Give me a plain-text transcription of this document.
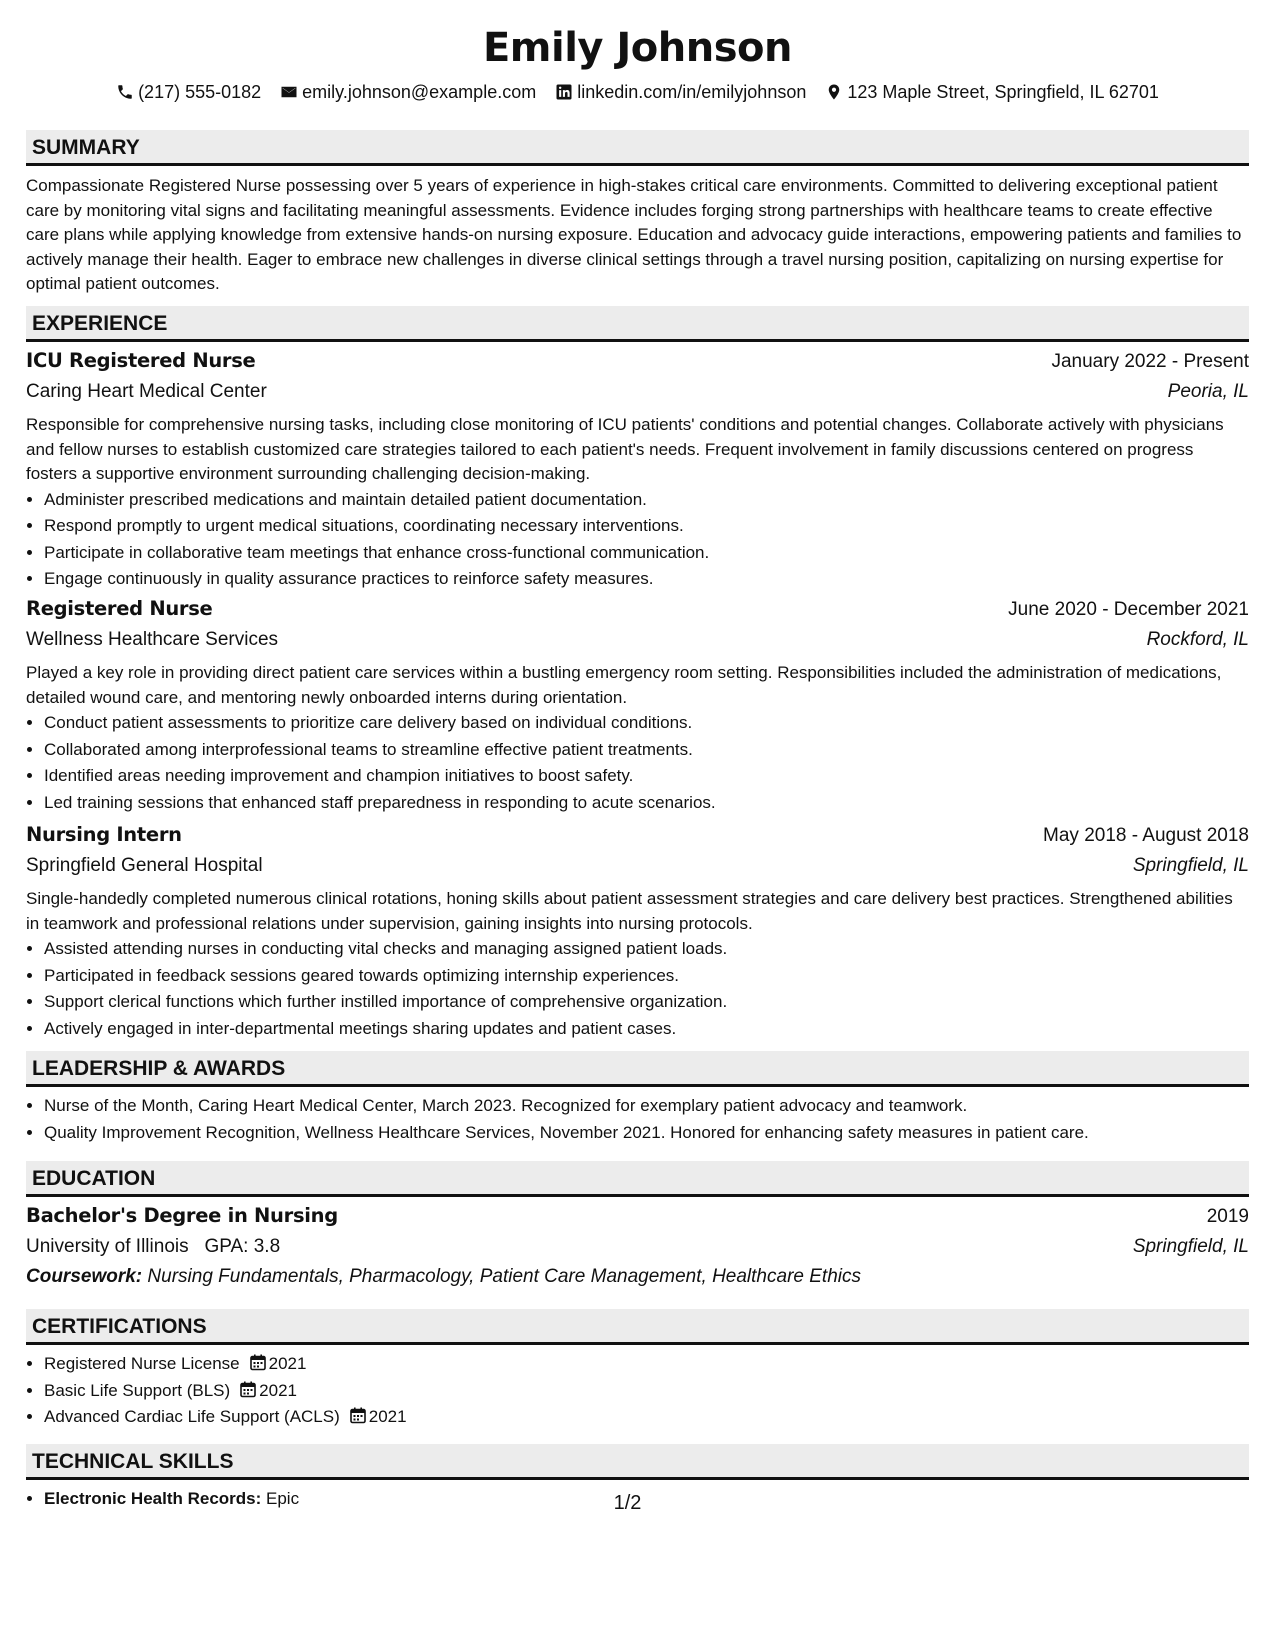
Emily Johnson
(217) 555-0182
emily.johnson@example.com
linkedin.com/in/emilyjohnson
123 Maple Street, Springfield, IL 62701
SUMMARY

Compassionate Registered Nurse possessing over 5 years of experience in high-stakes critical care environments. Committed to delivering exceptional patient care by monitoring vital signs and facilitating meaningful assessments. Evidence includes forging strong partnerships with healthcare teams to create effective care plans while applying knowledge from extensive hands-on nursing exposure. Education and advocacy guide interactions, empowering patients and families to actively manage their health. Eager to embrace new challenges in diverse clinical settings through a travel nursing position, capitalizing on nursing expertise for optimal patient outcomes.

EXPERIENCE
ICU Registered Nurse	January 2022 - Present
Caring Heart Medical Center	Peoria, IL

Responsible for comprehensive nursing tasks, including close monitoring of ICU patients' conditions and potential changes. Collaborate actively with physicians and fellow nurses to establish customized care strategies tailored to each patient's needs. Frequent involvement in family discussions centered on progress fosters a supportive environment surrounding challenging decision-making.

• Administer prescribed medications and maintain detailed patient documentation.
• Respond promptly to urgent medical situations, coordinating necessary interventions.
• Participate in collaborative team meetings that enhance cross-functional communication.
• Engage continuously in quality assurance practices to reinforce safety measures.
Registered Nurse	June 2020 - December 2021
Wellness Healthcare Services	Rockford, IL

Played a key role in providing direct patient care services within a bustling emergency room setting. Responsibilities included the administration of medications, detailed wound care, and mentoring newly onboarded interns during orientation.

• Conduct patient assessments to prioritize care delivery based on individual conditions.
• Collaborated among interprofessional teams to streamline effective patient treatments.
• Identified areas needing improvement and champion initiatives to boost safety.
• Led training sessions that enhanced staff preparedness in responding to acute scenarios.
Nursing Intern	May 2018 - August 2018
Springfield General Hospital	Springfield, IL

Single-handedly completed numerous clinical rotations, honing skills about patient assessment strategies and care delivery best practices. Strengthened abilities in teamwork and professional relations under supervision, gaining insights into nursing protocols.

• Assisted attending nurses in conducting vital checks and managing assigned patient loads.
• Participated in feedback sessions geared towards optimizing internship experiences.
• Support clerical functions which further instilled importance of comprehensive organization.
• Actively engaged in inter-departmental meetings sharing updates and patient cases.
LEADERSHIP & AWARDS
• Nurse of the Month, Caring Heart Medical Center, March 2023. Recognized for exemplary patient advocacy and teamwork.
• Quality Improvement Recognition, Wellness Healthcare Services, November 2021. Honored for enhancing safety measures in patient care.
EDUCATION
Bachelor's Degree in Nursing	2019
University of Illinois GPA: 3.8	Springfield, IL
Coursework: Nursing Fundamentals, Pharmacology, Patient Care Management, Healthcare Ethics
CERTIFICATIONS
• Registered Nurse License 2021
• Basic Life Support (BLS) 2021
• Advanced Cardiac Life Support (ACLS) 2021
TECHNICAL SKILLS
• Electronic Health Records: Epic	1/2
